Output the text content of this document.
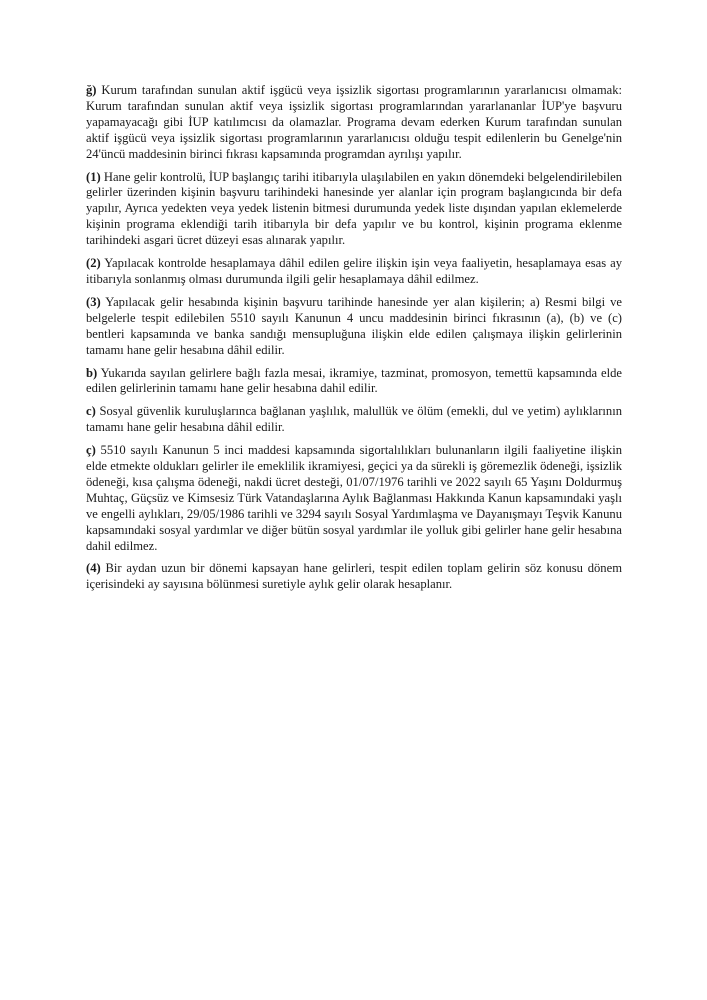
ğ) Kurum tarafından sunulan aktif işgücü veya işsizlik sigortası programlarının yararlanıcısı olmamak: Kurum tarafından sunulan aktif veya işsizlik sigortası programlarından yararlananlar İUP'ye başvuru yapamayacağı gibi İUP katılımcısı da olamazlar. Programa devam ederken Kurum tarafından sunulan aktif işgücü veya işsizlik sigortası programlarının yararlanıcısı olduğu tespit edilenlerin bu Genelge'nin 24'üncü maddesinin birinci fıkrası kapsamında programdan ayrılışı yapılır.

(1) Hane gelir kontrolü, İUP başlangıç tarihi itibarıyla ulaşılabilen en yakın dönemdeki belgelendirilebilen gelirler üzerinden kişinin başvuru tarihindeki hanesinde yer alanlar için program başlangıcında bir defa yapılır, Ayrıca yedekten veya yedek listenin bitmesi durumunda yedek liste dışından yapılan eklemelerde kişinin programa eklendiği tarih itibarıyla bir defa yapılır ve bu kontrol, kişinin programa eklenme tarihindeki asgari ücret düzeyi esas alınarak yapılır.

(2) Yapılacak kontrolde hesaplamaya dâhil edilen gelire ilişkin işin veya faaliyetin, hesaplamaya esas ay itibarıyla sonlanmış olması durumunda ilgili gelir hesaplamaya dâhil edilmez.

(3) Yapılacak gelir hesabında kişinin başvuru tarihinde hanesinde yer alan kişilerin; a) Resmi bilgi ve belgelerle tespit edilebilen 5510 sayılı Kanunun 4 uncu maddesinin birinci fıkrasının (a), (b) ve (c) bentleri kapsamında ve banka sandığı mensupluğuna ilişkin elde edilen çalışmaya ilişkin gelirlerinin tamamı hane gelir hesabına dâhil edilir.

b) Yukarıda sayılan gelirlere bağlı fazla mesai, ikramiye, tazminat, promosyon, temettü kapsamında elde edilen gelirlerinin tamamı hane gelir hesabına dahil edilir.

c) Sosyal güvenlik kuruluşlarınca bağlanan yaşlılık, malullük ve ölüm (emekli, dul ve yetim) aylıklarının tamamı hane gelir hesabına dâhil edilir.

ç) 5510 sayılı Kanunun 5 inci maddesi kapsamında sigortalılıkları bulunanların ilgili faaliyetine ilişkin elde etmekte oldukları gelirler ile emeklilik ikramiyesi, geçici ya da sürekli iş göremezlik ödeneği, işsizlik ödeneği, kısa çalışma ödeneği, nakdi ücret desteği, 01/07/1976 tarihli ve 2022 sayılı 65 Yaşını Doldurmuş Muhtaç, Güçsüz ve Kimsesiz Türk Vatandaşlarına Aylık Bağlanması Hakkında Kanun kapsamındaki yaşlı ve engelli aylıkları, 29/05/1986 tarihli ve 3294 sayılı Sosyal Yardımlaşma ve Dayanışmayı Teşvik Kanunu kapsamındaki sosyal yardımlar ve diğer bütün sosyal yardımlar ile yolluk gibi gelirler hane gelir hesabına dahil edilmez.

(4) Bir aydan uzun bir dönemi kapsayan hane gelirleri, tespit edilen toplam gelirin söz konusu dönem içerisindeki ay sayısına bölünmesi suretiyle aylık gelir olarak hesaplanır.
